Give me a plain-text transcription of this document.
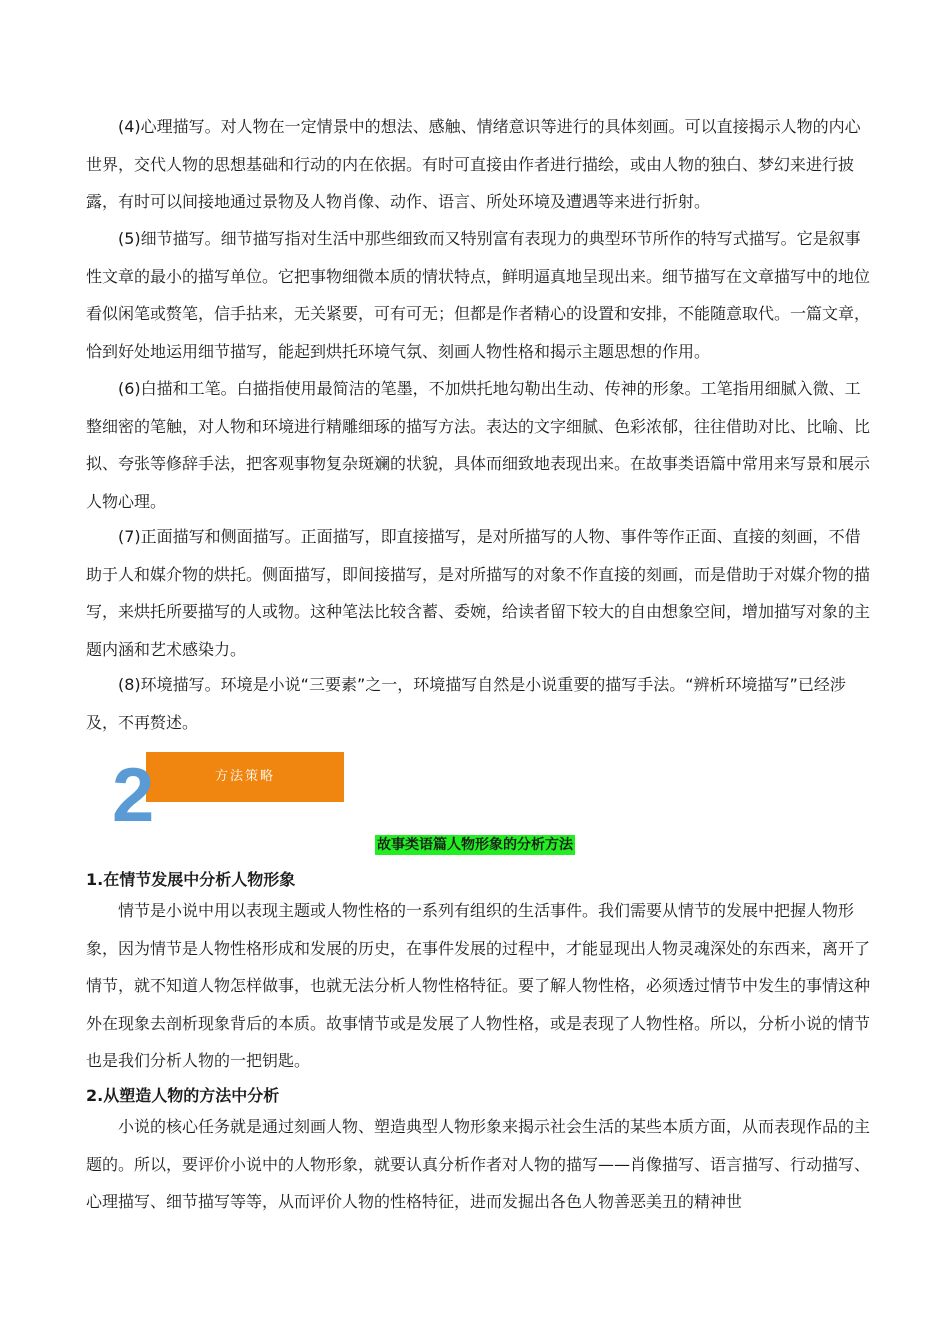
(4)心理描写。对人物在一定情景中的想法、感触、情绪意识等进行的具体刻画。可以直接揭示人物的内心世界，交代人物的思想基础和行动的内在依据。有时可直接由作者进行描绘，或由人物的独白、梦幻来进行披露，有时可以间接地通过景物及人物肖像、动作、语言、所处环境及遭遇等来进行折射。

(5)细节描写。细节描写指对生活中那些细致而又特别富有表现力的典型环节所作的特写式描写。它是叙事性文章的最小的描写单位。它把事物细微本质的情状特点，鲜明逼真地呈现出来。细节描写在文章描写中的地位看似闲笔或赘笔，信手拈来，无关紧要，可有可无；但都是作者精心的设置和安排，不能随意取代。一篇文章，恰到好处地运用细节描写，能起到烘托环境气氛、刻画人物性格和揭示主题思想的作用。

(6)白描和工笔。白描指使用最简洁的笔墨，不加烘托地勾勒出生动、传神的形象。工笔指用细腻入微、工整细密的笔触，对人物和环境进行精雕细琢的描写方法。表达的文字细腻、色彩浓郁，往往借助对比、比喻、比拟、夸张等修辞手法，把客观事物复杂斑斓的状貌，具体而细致地表现出来。在故事类语篇中常用来写景和展示人物心理。

(7)正面描写和侧面描写。正面描写，即直接描写，是对所描写的人物、事件等作正面、直接的刻画，不借助于人和媒介物的烘托。侧面描写，即间接描写，是对所描写的对象不作直接的刻画，而是借助于对媒介物的描写，来烘托所要描写的人或物。这种笔法比较含蓄、委婉，给读者留下较大的自由想象空间，增加描写对象的主题内涵和艺术感染力。

(8)环境描写。环境是小说“三要素”之一，环境描写自然是小说重要的描写手法。“辨析环境描写”已经涉及，不再赘述。

2	方法策略

故事类语篇人物形象的分析方法

1.在情节发展中分析人物形象

情节是小说中用以表现主题或人物性格的一系列有组织的生活事件。我们需要从情节的发展中把握人物形象，因为情节是人物性格形成和发展的历史，在事件发展的过程中，才能显现出人物灵魂深处的东西来，离开了情节，就不知道人物怎样做事，也就无法分析人物性格特征。要了解人物性格，必须透过情节中发生的事情这种外在现象去剖析现象背后的本质。故事情节或是发展了人物性格，或是表现了人物性格。所以，分析小说的情节也是我们分析人物的一把钥匙。

2.从塑造人物的方法中分析

小说的核心任务就是通过刻画人物、塑造典型人物形象来揭示社会生活的某些本质方面，从而表现作品的主题的。所以，要评价小说中的人物形象，就要认真分析作者对人物的描写——肖像描写、语言描写、行动描写、心理描写、细节描写等等，从而评价人物的性格特征，进而发掘出各色人物善恶美丑的精神世
